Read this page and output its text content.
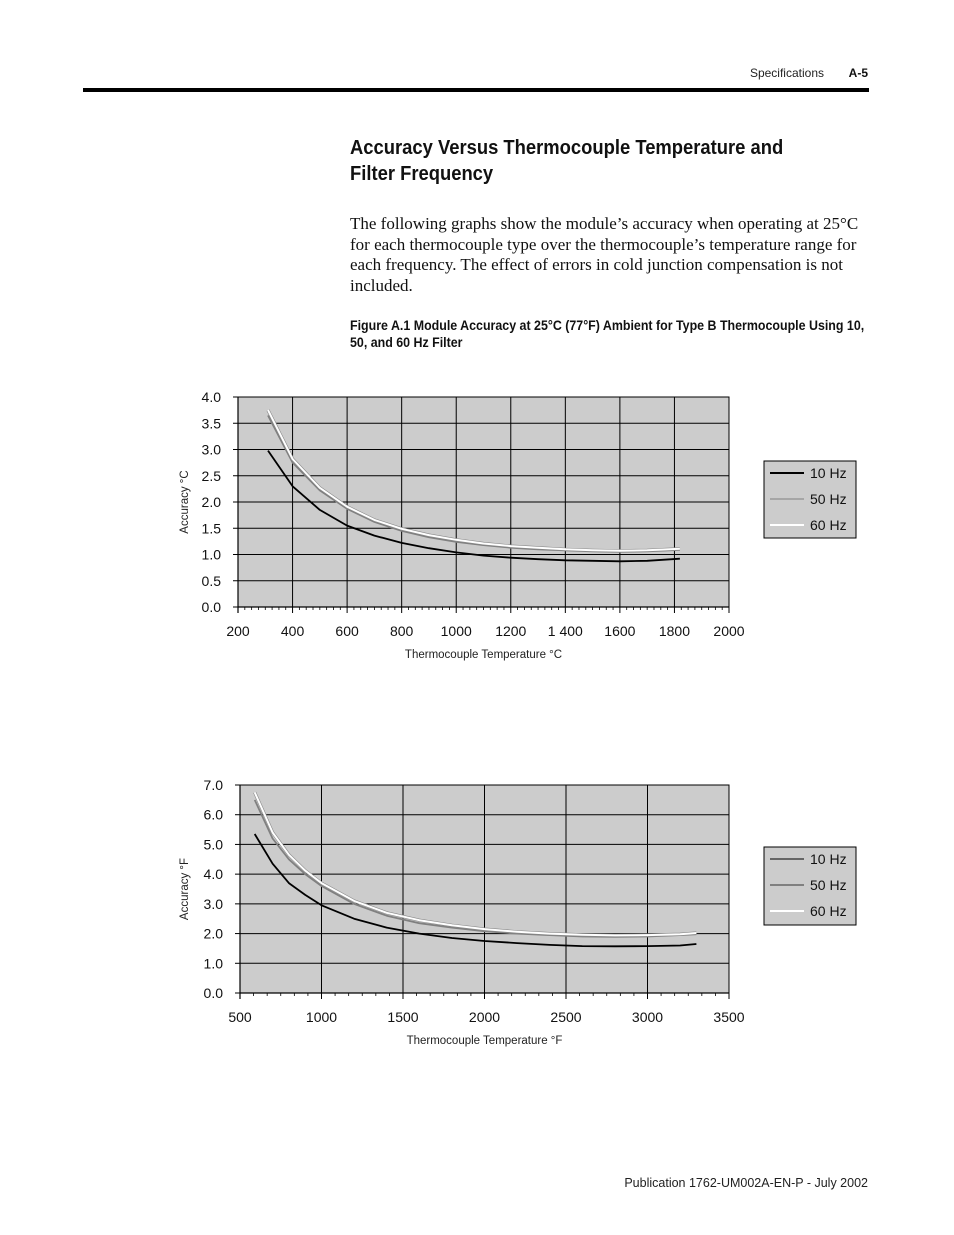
Specifications A-5
Accuracy Versus Thermocouple Temperature and Filter Frequency

The following graphs show the module’s accuracy when operating at 25°C for each thermocouple type over the thermocouple’s temperature range for each frequency. The effect of errors in cold junction compensation is not included.

Figure A.1 Module Accuracy at 25°C (77°F) Ambient for Type B Thermocouple Using 10, 50, and 60 Hz Filter

0.0
0.5
1.0
1.5
2.0
2.5
3.0
3.5
4.0
200 400 600 800 1000 1200 1 400 1600 1800 2000
Thermocouple Temperature °C
Accuracy °C	10 Hz
50 Hz
60 Hz
0.0
1.0
2.0
3.0
4.0
5.0
6.0
7.0
500	1000	1500	2000	2500	3000	3500
Thermocouple Temperature °F
Accuracy °F	10 Hz
50 Hz
60 Hz
Publication 1762-UM002A-EN-P - July 2002
